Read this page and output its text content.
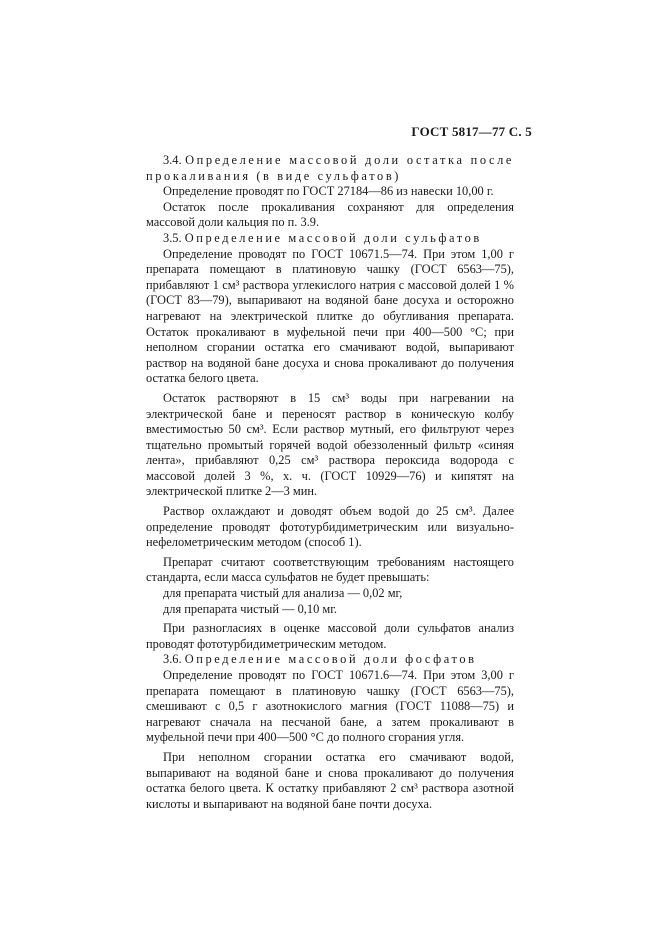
ГОСТ 5817—77 С. 5

3.4. Определение массовой доли остатка после прокаливания (в виде сульфатов)

Определение проводят по ГОСТ 27184—86 из навески 10,00 г.

Остаток после прокаливания сохраняют для определения массовой доли кальция по п. 3.9.

3.5. Определение массовой доли сульфатов

Определение проводят по ГОСТ 10671.5—74. При этом 1,00 г препарата помещают в платиновую чашку (ГОСТ 6563—75), прибавляют 1 см³ раствора углекислого натрия с массовой долей 1 % (ГОСТ 83—79), выпаривают на водяной бане досуха и осторожно нагревают на электрической плитке до обугливания препарата. Остаток прокаливают в муфельной печи при 400—500 °С; при неполном сгорании остатка его смачивают водой, выпаривают раствор на водяной бане досуха и снова прокаливают до получения остатка белого цвета.

Остаток растворяют в 15 см³ воды при нагревании на электрической бане и переносят раствор в коническую колбу вместимостью 50 см³. Если раствор мутный, его фильтруют через тщательно промытый горячей водой обеззоленный фильтр «синяя лента», прибавляют 0,25 см³ раствора пероксида водорода с массовой долей 3 %, х. ч. (ГОСТ 10929—76) и кипятят на электрической плитке 2—3 мин.

Раствор охлаждают и доводят объем водой до 25 см³. Далее определение проводят фототурбидиметрическим или визуально-нефелометрическим методом (способ 1).

Препарат считают соответствующим требованиям настоящего стандарта, если масса сульфатов не будет превышать:

для препарата чистый для анализа — 0,02 мг,
для препарата чистый — 0,10 мг.

При разногласиях в оценке массовой доли сульфатов анализ проводят фототурбидиметрическим методом.

3.6. Определение массовой доли фосфатов

Определение проводят по ГОСТ 10671.6—74. При этом 3,00 г препарата помещают в платиновую чашку (ГОСТ 6563—75), смешивают с 0,5 г азотнокислого магния (ГОСТ 11088—75) и нагревают сначала на песчаной бане, а затем прокаливают в муфельной печи при 400—500 °С до полного сгорания угля.

При неполном сгорании остатка его смачивают водой, выпаривают на водяной бане и снова прокаливают до получения остатка белого цвета. К остатку прибавляют 2 см³ раствора азотной кислоты и выпаривают на водяной бане почти досуха.
